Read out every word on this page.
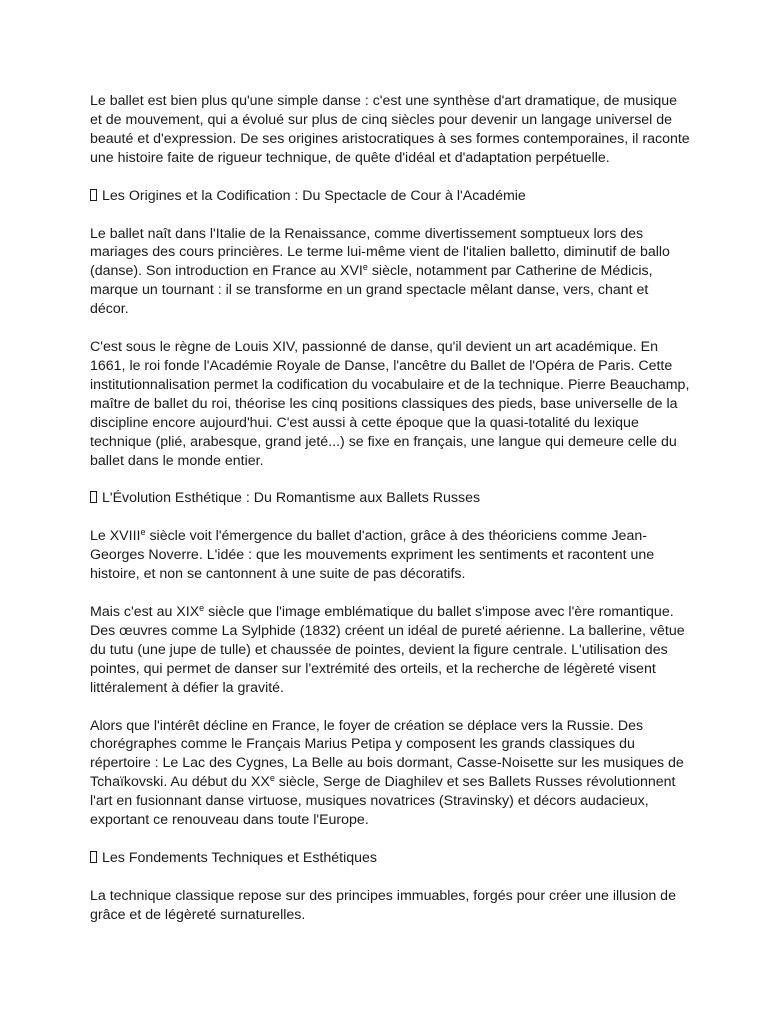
Le ballet est bien plus qu'une simple danse : c'est une synthèse d'art dramatique, de musique et de mouvement, qui a évolué sur plus de cinq siècles pour devenir un langage universel de beauté et d'expression. De ses origines aristocratiques à ses formes contemporaines, il raconte une histoire faite de rigueur technique, de quête d'idéal et d'adaptation perpétuelle.

Les Origines et la Codification : Du Spectacle de Cour à l'Académie

Le ballet naît dans l'Italie de la Renaissance, comme divertissement somptueux lors des mariages des cours princières. Le terme lui-même vient de l'italien balletto, diminutif de ballo (danse). Son introduction en France au XVIe siècle, notamment par Catherine de Médicis, marque un tournant : il se transforme en un grand spectacle mêlant danse, vers, chant et décor.

C'est sous le règne de Louis XIV, passionné de danse, qu'il devient un art académique. En 1661, le roi fonde l'Académie Royale de Danse, l'ancêtre du Ballet de l'Opéra de Paris. Cette institutionnalisation permet la codification du vocabulaire et de la technique. Pierre Beauchamp, maître de ballet du roi, théorise les cinq positions classiques des pieds, base universelle de la discipline encore aujourd'hui. C'est aussi à cette époque que la quasi-totalité du lexique technique (plié, arabesque, grand jeté...) se fixe en français, une langue qui demeure celle du ballet dans le monde entier.

L'Évolution Esthétique : Du Romantisme aux Ballets Russes

Le XVIIIe siècle voit l'émergence du ballet d'action, grâce à des théoriciens comme Jean-Georges Noverre. L'idée : que les mouvements expriment les sentiments et racontent une histoire, et non se cantonnent à une suite de pas décoratifs.

Mais c'est au XIXe siècle que l'image emblématique du ballet s'impose avec l'ère romantique. Des œuvres comme La Sylphide (1832) créent un idéal de pureté aérienne. La ballerine, vêtue du tutu (une jupe de tulle) et chaussée de pointes, devient la figure centrale. L'utilisation des pointes, qui permet de danser sur l'extrémité des orteils, et la recherche de légèreté visent littéralement à défier la gravité.

Alors que l'intérêt décline en France, le foyer de création se déplace vers la Russie. Des chorégraphes comme le Français Marius Petipa y composent les grands classiques du répertoire : Le Lac des Cygnes, La Belle au bois dormant, Casse-Noisette sur les musiques de Tchaïkovski. Au début du XXe siècle, Serge de Diaghilev et ses Ballets Russes révolutionnent l'art en fusionnant danse virtuose, musiques novatrices (Stravinsky) et décors audacieux, exportant ce renouveau dans toute l'Europe.

Les Fondements Techniques et Esthétiques

La technique classique repose sur des principes immuables, forgés pour créer une illusion de grâce et de légèreté surnaturelles.
